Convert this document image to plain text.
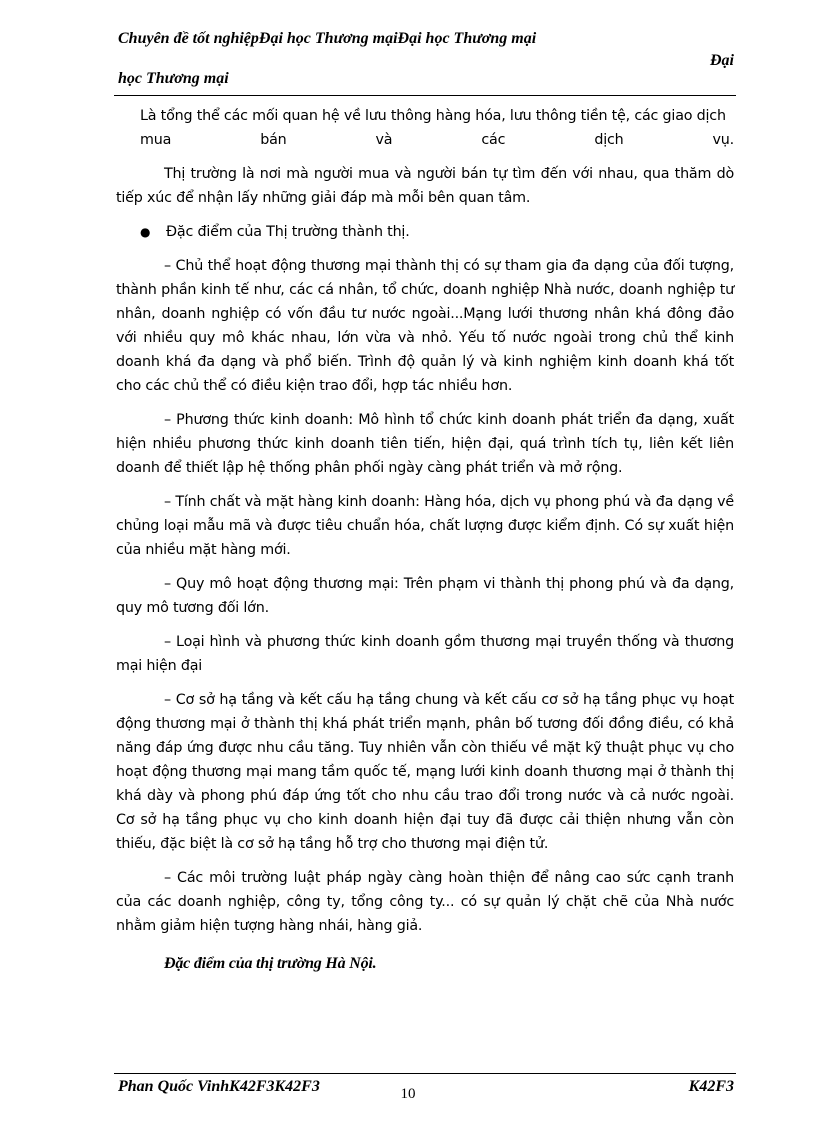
Chuyên đề tốt nghiệpĐại học Thương mạiĐại học Thương mại
Đại
học Thương mại

Là tổng thể các mối quan hệ về lưu thông hàng hóa, lưu thông tiền tệ, các giao dịch

mua bán và các dịch vụ.

Thị trường là nơi mà người mua và người bán tự tìm đến với nhau, qua thăm dò tiếp xúc để nhận lấy những giải đáp mà mỗi bên quan tâm.

●	Đặc điểm của Thị trường thành thị.

– Chủ thể hoạt động thương mại thành thị có sự tham gia đa dạng của đối tượng, thành phần kinh tế như, các cá nhân, tổ chức, doanh nghiệp Nhà nước, doanh nghiệp tư nhân, doanh nghiệp có vốn đầu tư nước ngoài...Mạng lưới thương nhân khá đông đảo với nhiều quy mô khác nhau, lớn vừa và nhỏ. Yếu tố nước ngoài trong chủ thể kinh doanh khá đa dạng và phổ biến. Trình độ quản lý và kinh nghiệm kinh doanh khá tốt cho các chủ thể có điều kiện trao đổi, hợp tác nhiều hơn.

– Phương thức kinh doanh: Mô hình tổ chức kinh doanh phát triển đa dạng, xuất hiện nhiều phương thức kinh doanh tiên tiến, hiện đại, quá trình tích tụ, liên kết liên doanh để thiết lập hệ thống phân phối ngày càng phát triển và mở rộng.

– Tính chất và mặt hàng kinh doanh: Hàng hóa, dịch vụ phong phú và đa dạng về chủng loại mẫu mã và được tiêu chuẩn hóa, chất lượng được kiểm định. Có sự xuất hiện của nhiều mặt hàng mới.

– Quy mô hoạt động thương mại: Trên phạm vi thành thị phong phú và đa dạng, quy mô tương đối lớn.

– Loại hình và phương thức kinh doanh gồm thương mại truyền thống và thương mại hiện đại

– Cơ sở hạ tầng và kết cấu hạ tầng chung và kết cấu cơ sở hạ tầng phục vụ hoạt động thương mại ở thành thị khá phát triển mạnh, phân bố tương đối đồng điều, có khả năng đáp ứng được nhu cầu tăng. Tuy nhiên vẫn còn thiếu về mặt kỹ thuật phục vụ cho hoạt động thương mại mang tầm quốc tế, mạng lưới kinh doanh thương mại ở thành thị khá dày và phong phú đáp ứng tốt cho nhu cầu trao đổi trong nước và cả nước ngoài. Cơ sở hạ tầng phục vụ cho kinh doanh hiện đại tuy đã được cải thiện nhưng vẫn còn thiếu, đặc biệt là cơ sở hạ tầng hỗ trợ cho thương mại điện tử.

– Các môi trường luật pháp ngày càng hoàn thiện để nâng cao sức cạnh tranh của các doanh nghiệp, công ty, tổng công ty... có sự quản lý chặt chẽ của Nhà nước nhằm giảm hiện tượng hàng nhái, hàng giả.

Đặc điểm của thị trường Hà Nội.

Phan Quốc VinhK42F3K42F3	10	K42F3
